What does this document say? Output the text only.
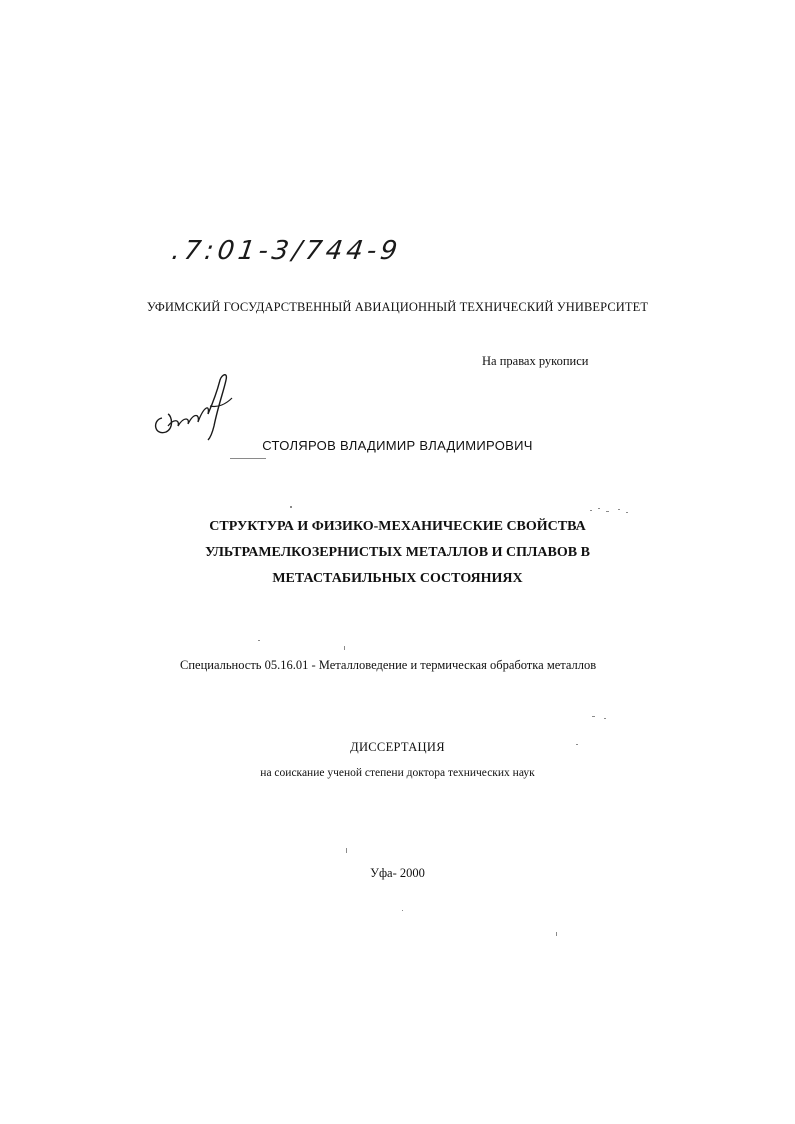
.7:01-3/744-9
УФИМСКИЙ ГОСУДАРСТВЕННЫЙ АВИАЦИОННЫЙ ТЕХНИЧЕСКИЙ УНИВЕРСИТЕТ
На правах рукописи
СТОЛЯРОВ ВЛАДИМИР ВЛАДИМИРОВИЧ
СТРУКТУРА И ФИЗИКО-МЕХАНИЧЕСКИЕ СВОЙСТВА
УЛЬТРАМЕЛКОЗЕРНИСТЫХ МЕТАЛЛОВ И СПЛАВОВ В
МЕТАСТАБИЛЬНЫХ СОСТОЯНИЯХ
Специальность 05.16.01 - Металловедение и термическая обработка металлов
ДИССЕРТАЦИЯ
на соискание ученой степени доктора технических наук
Уфа- 2000
